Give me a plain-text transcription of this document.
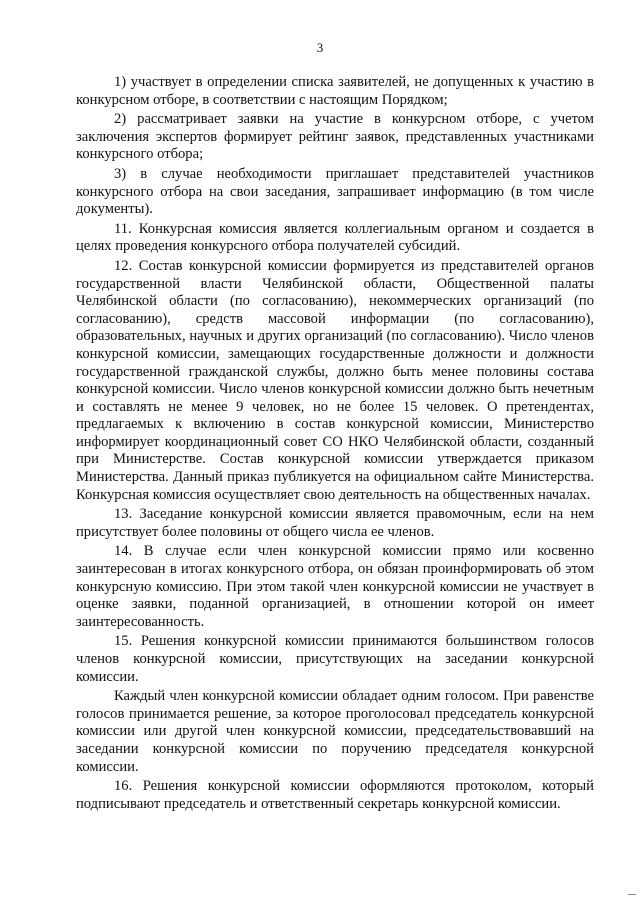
3

1) участвует в определении списка заявителей, не допущенных к участию в конкурсном отборе, в соответствии с настоящим Порядком;

2) рассматривает заявки на участие в конкурсном отборе, с учетом заключения экспертов формирует рейтинг заявок, представленных участниками конкурсного отбора;

3) в случае необходимости приглашает представителей участников конкурсного отбора на свои заседания, запрашивает информацию (в том числе документы).

11. Конкурсная комиссия является коллегиальным органом и создается в целях проведения конкурсного отбора получателей субсидий.

12. Состав конкурсной комиссии формируется из представителей органов государственной власти Челябинской области, Общественной палаты Челябинской области (по согласованию), некоммерческих организаций (по согласованию), средств массовой информации (по согласованию), образовательных, научных и других организаций (по согласованию). Число членов конкурсной комиссии, замещающих государственные должности и должности государственной гражданской службы, должно быть менее половины состава конкурсной комиссии. Число членов конкурсной комиссии должно быть нечетным и составлять не менее 9 человек, но не более 15 человек. О претендентах, предлагаемых к включению в состав конкурсной комиссии, Министерство информирует координационный совет СО НКО Челябинской области, созданный при Министерстве. Состав конкурсной комиссии утверждается приказом Министерства. Данный приказ публикуется на официальном сайте Министерства. Конкурсная комиссия осуществляет свою деятельность на общественных началах.

13. Заседание конкурсной комиссии является правомочным, если на нем присутствует более половины от общего числа ее членов.

14. В случае если член конкурсной комиссии прямо или косвенно заинтересован в итогах конкурсного отбора, он обязан проинформировать об этом конкурсную комиссию. При этом такой член конкурсной комиссии не участвует в оценке заявки, поданной организацией, в отношении которой он имеет заинтересованность.

15. Решения конкурсной комиссии принимаются большинством голосов членов конкурсной комиссии, присутствующих на заседании конкурсной комиссии.

Каждый член конкурсной комиссии обладает одним голосом. При равенстве голосов принимается решение, за которое проголосовал председатель конкурсной комиссии или другой член конкурсной комиссии, председательствовавший на заседании конкурсной комиссии по поручению председателя конкурсной комиссии.

16. Решения конкурсной комиссии оформляются протоколом, который подписывают председатель и ответственный секретарь конкурсной комиссии.
